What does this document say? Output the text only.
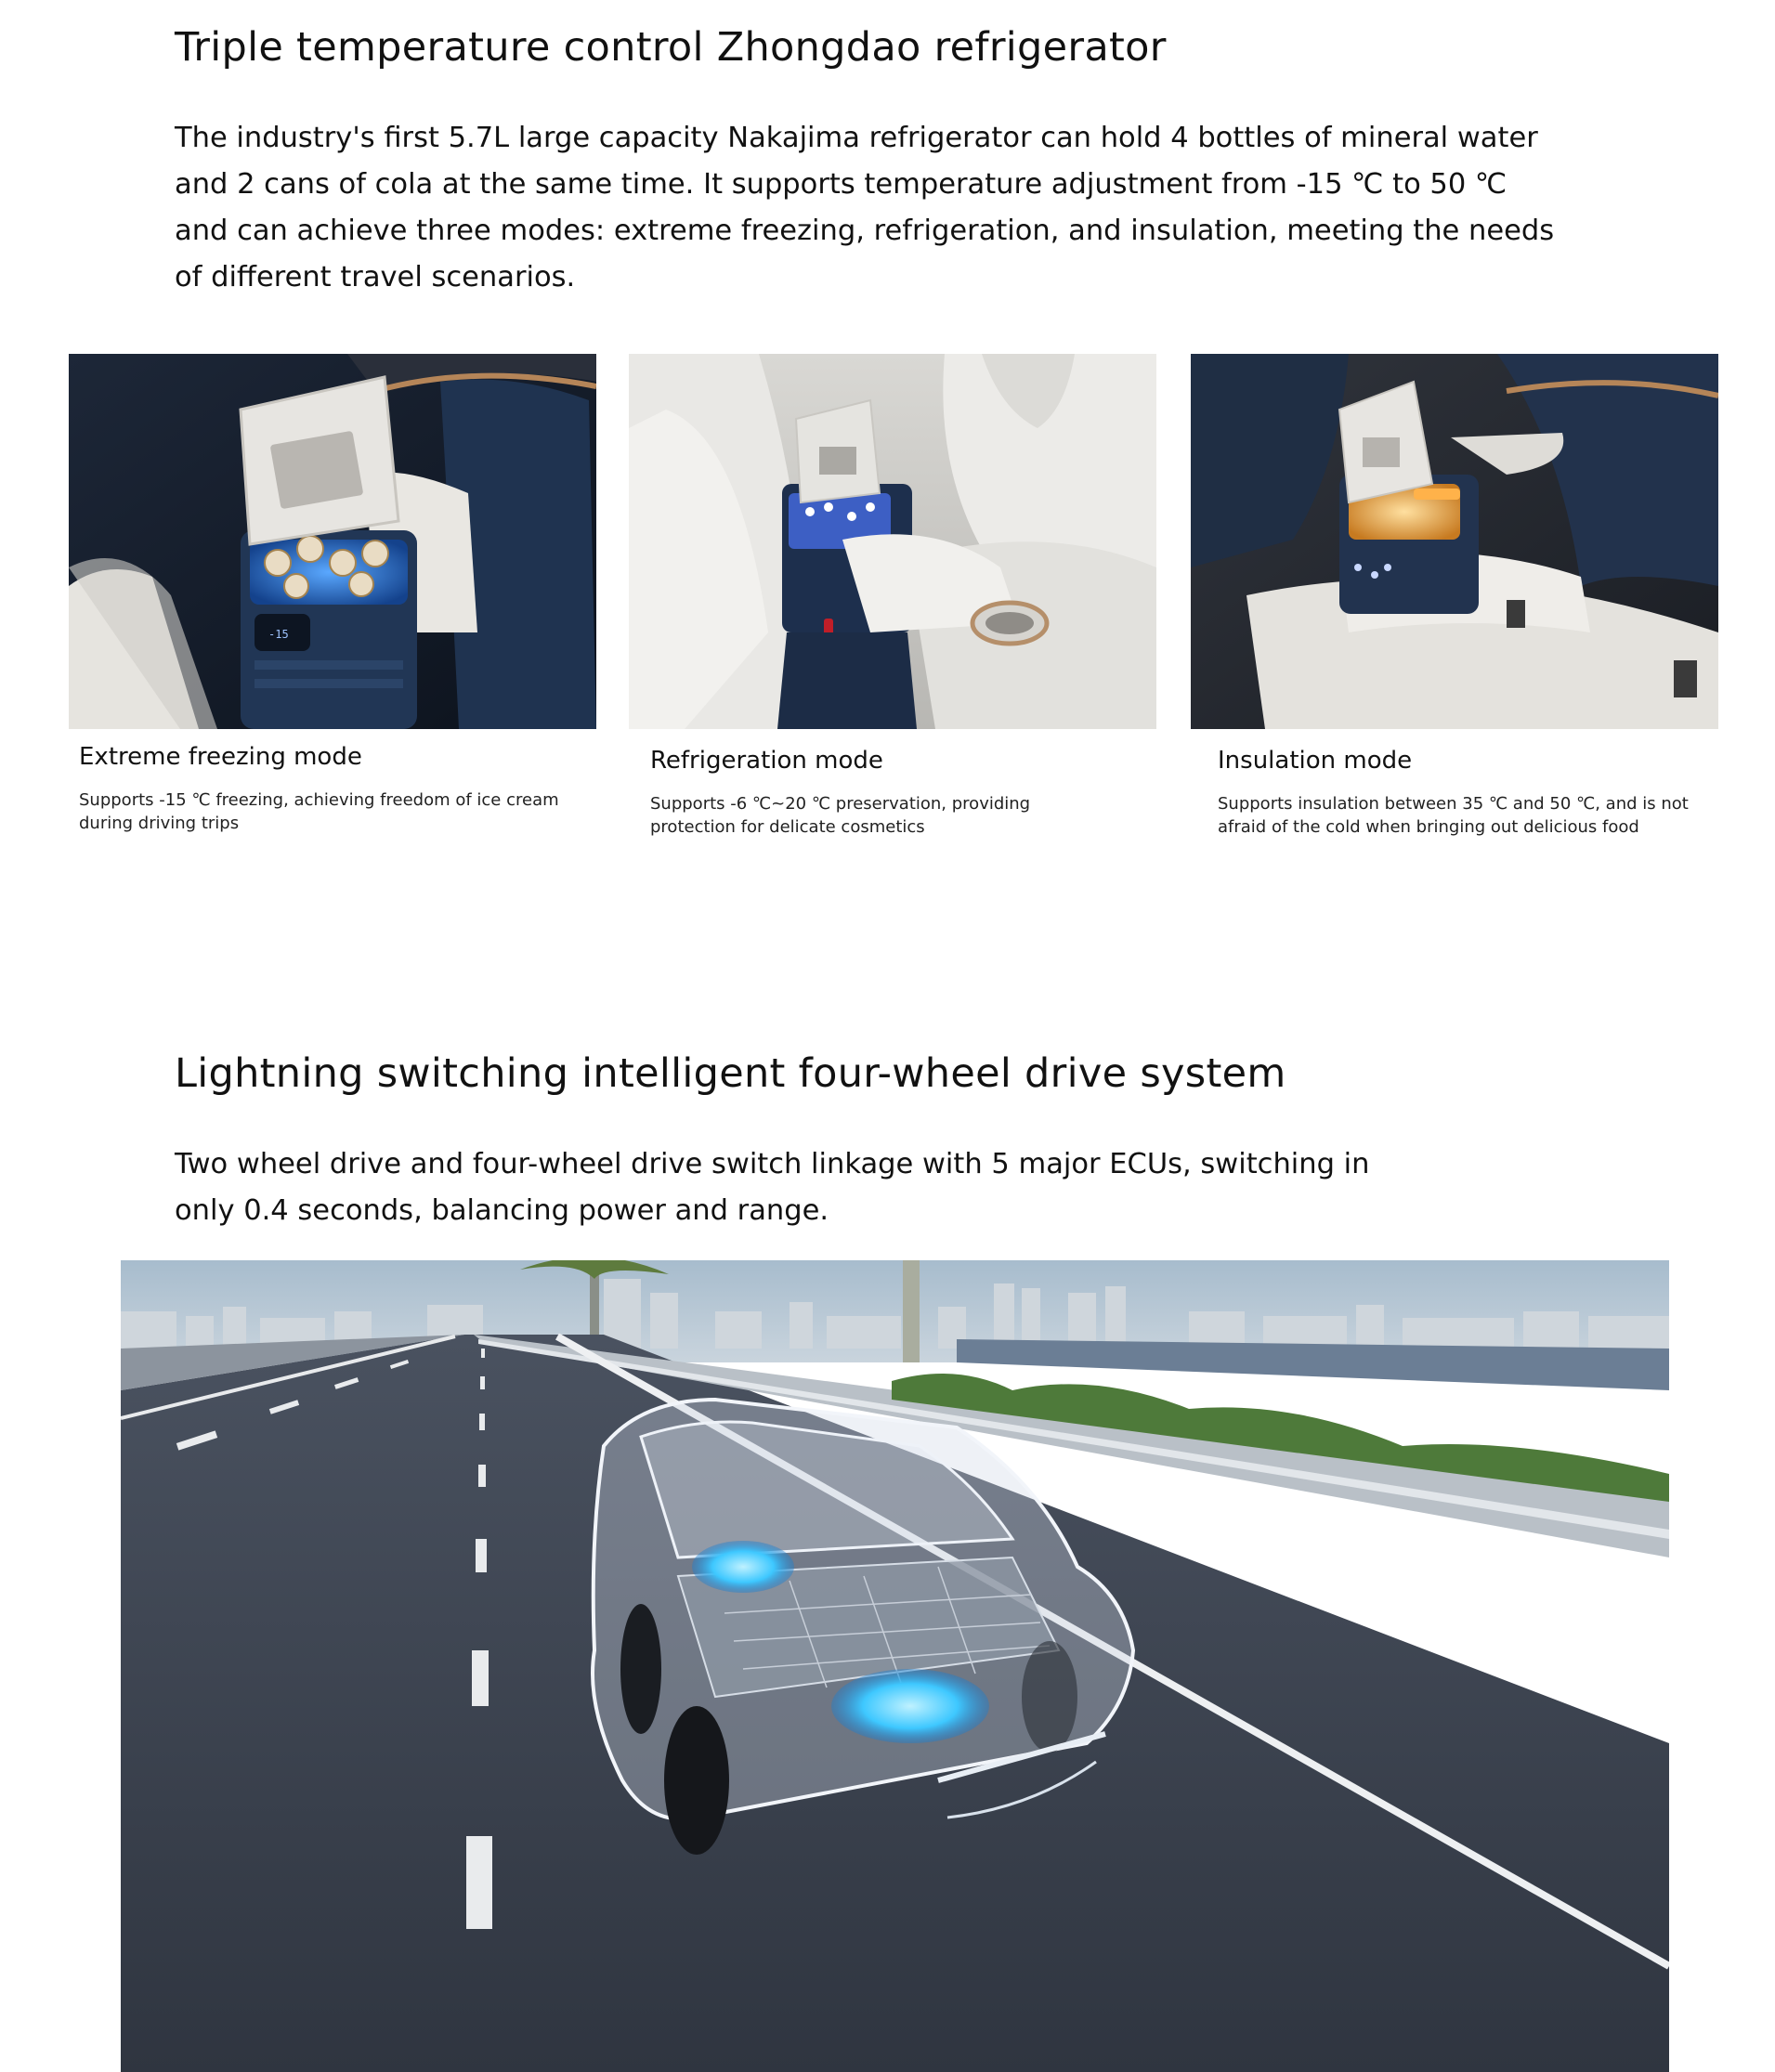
Triple temperature control Zhongdao refrigerator
The industry's first 5.7L large capacity Nakajima refrigerator can hold 4 bottles of mineral water and 2 cans of cola at the same time. It supports temperature adjustment from -15 ℃ to 50 ℃ and can achieve three modes: extreme freezing, refrigeration, and insulation, meeting the needs of different travel scenarios.
-15
Extreme freezing mode
Supports -15 ℃ freezing, achieving freedom of ice cream during driving trips
Refrigeration mode
Supports -6 ℃~20 ℃ preservation, providing protection for delicate cosmetics
Insulation mode
Supports insulation between 35 ℃ and 50 ℃, and is not afraid of the cold when bringing out delicious food
Lightning switching intelligent four-wheel drive system
Two wheel drive and four-wheel drive switch linkage with 5 major ECUs, switching in only 0.4 seconds, balancing power and range.
